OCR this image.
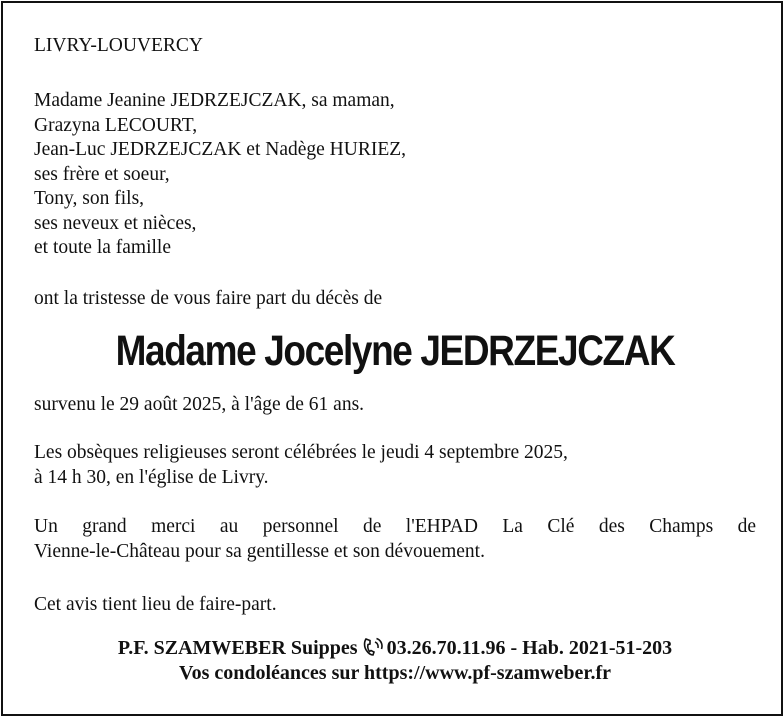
LIVRY-LOUVERCY
Madame Jeanine JEDRZEJCZAK, sa maman,
Grazyna LECOURT,
Jean-Luc JEDRZEJCZAK et Nadège HURIEZ,
ses frère et soeur,
Tony, son fils,
ses neveux et nièces,
et toute la famille
ont la tristesse de vous faire part du décès de
Madame Jocelyne JEDRZEJCZAK
survenu le 29 août 2025, à l'âge de 61 ans.
Les obsèques religieuses seront célébrées le jeudi 4 septembre 2025,
à 14 h 30, en l'église de Livry.
Un grand merci au personnel de l'EHPAD La Clé des Champs de
Vienne-le-Château pour sa gentillesse et son dévouement.
Cet avis tient lieu de faire-part.
P.F. SZAMWEBER Suippes 03.26.70.11.96 - Hab. 2021-51-203
Vos condoléances sur https://www.pf-szamweber.fr
